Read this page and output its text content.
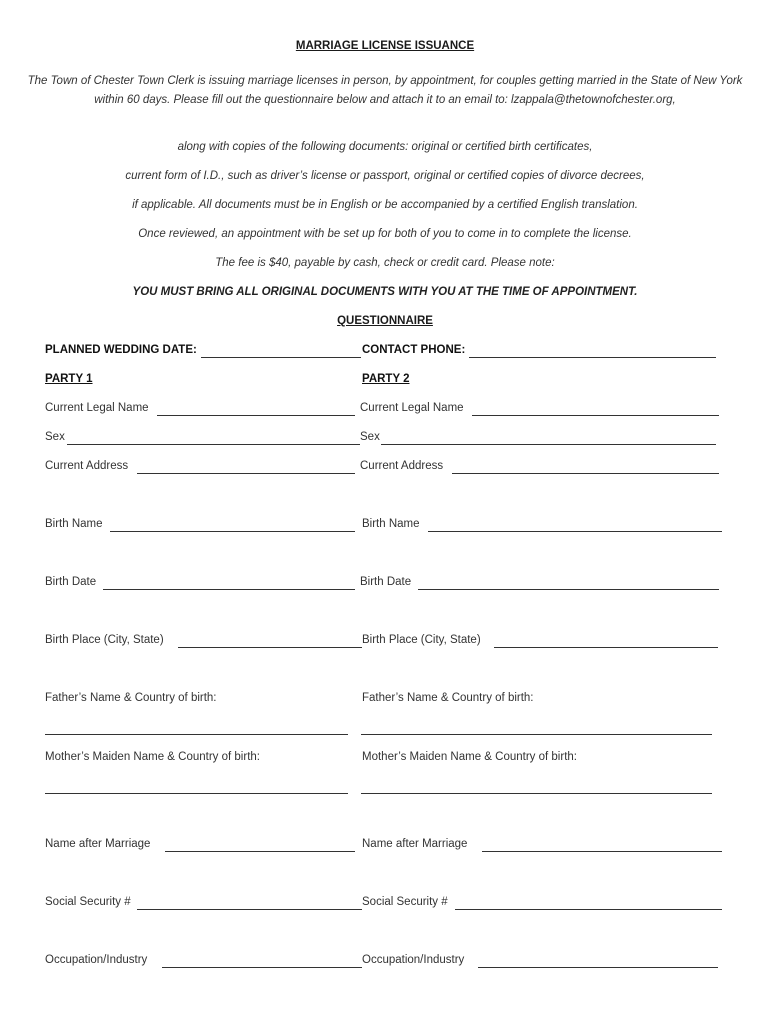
MARRIAGE LICENSE ISSUANCE
The Town of Chester Town Clerk is issuing marriage licenses in person, by appointment, for couples getting married in the State of New York within 60 days. Please fill out the questionnaire below and attach it to an email to: lzappala@thetownofchester.org,
along with copies of the following documents: original or certified birth certificates,
current form of I.D., such as driver’s license or passport, original or certified copies of divorce decrees,
if applicable. All documents must be in English or be accompanied by a certified English translation.
Once reviewed, an appointment with be set up for both of you to come in to complete the license.
The fee is $40, payable by cash, check or credit card. Please note:
YOU MUST BRING ALL ORIGINAL DOCUMENTS WITH YOU AT THE TIME OF APPOINTMENT.
QUESTIONNAIRE
PLANNED WEDDING DATE:	CONTACT PHONE:
PARTY 1	PARTY 2
Current Legal Name	Current Legal Name
Sex	Sex
Current Address	Current Address
Birth Name	Birth Name
Birth Date	Birth Date
Birth Place (City, State)	Birth Place (City, State)
Father’s Name & Country of birth:	Father’s Name & Country of birth:
Mother’s Maiden Name & Country of birth:	Mother’s Maiden Name & Country of birth:
Name after Marriage	Name after Marriage
Social Security #	Social Security #
Occupation/Industry	Occupation/Industry
